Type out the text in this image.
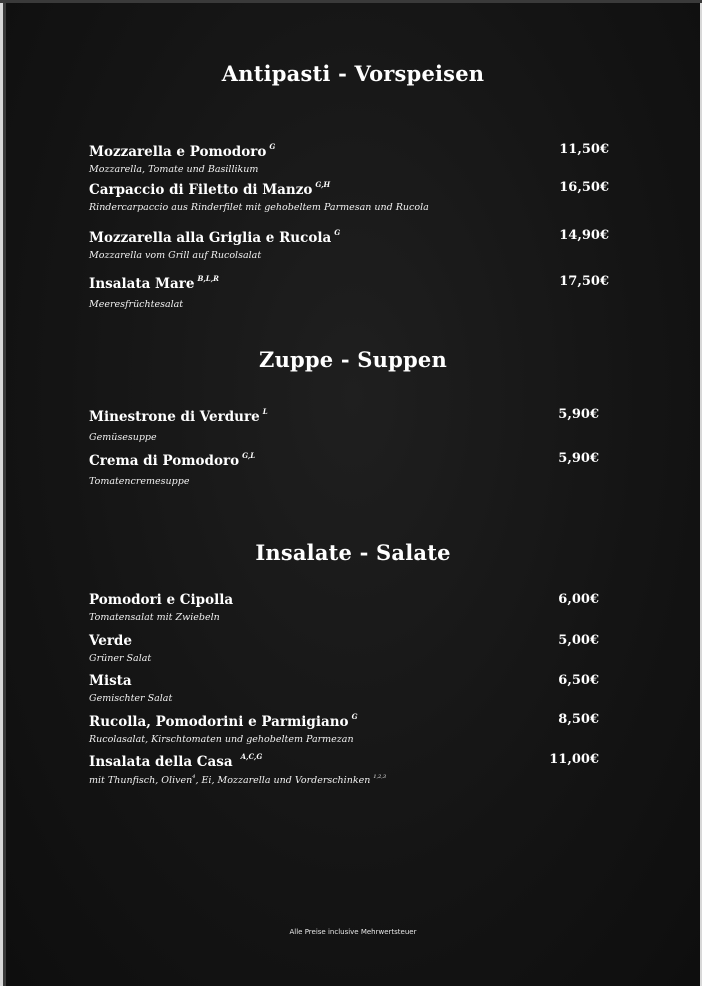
Antipasti - Vorspeisen
Mozzarella e Pomodoro $^G$
Mozzarella, Tomate und Basillikum
11,50€
Carpaccio di Filetto di Manzo $^{G,H}$
Rindercarpaccio aus Rinderfilet mit gehobeltem Parmesan und Rucola
16,50€
Mozzarella alla Griglia e Rucola $^G$
Mozzarella vom Grill auf Rucolsalat
14,90€
Insalata Mare $^{B,L,R}$
Meeresfrüchtesalat
17,50€
Zuppe - Suppen
Minestrone di Verdure $^L$
Gemüsesuppe
5,90€
Crema di Pomodoro $^{G,L}$
Tomatencremesuppe
5,90€
Insalate - Salate
Pomodori e Cipolla
Tomatensalat mit Zwiebeln
6,00€
Verde
Grüner Salat
5,00€
Mista
Gemischter Salat
6,50€
Rucolla, Pomodorini e Parmigiano $^G$
Rucolasalat, Kirschtomaten und gehobeltem Parmezan
8,50€
Insalata della Casa $^{A,C,G}$
mit Thunfisch, Oliven$^4$, Ei, Mozzarella und Vorderschinken $^{1,2,3}$
11,00€
Alle Preise inclusive Mehrwertsteuer
